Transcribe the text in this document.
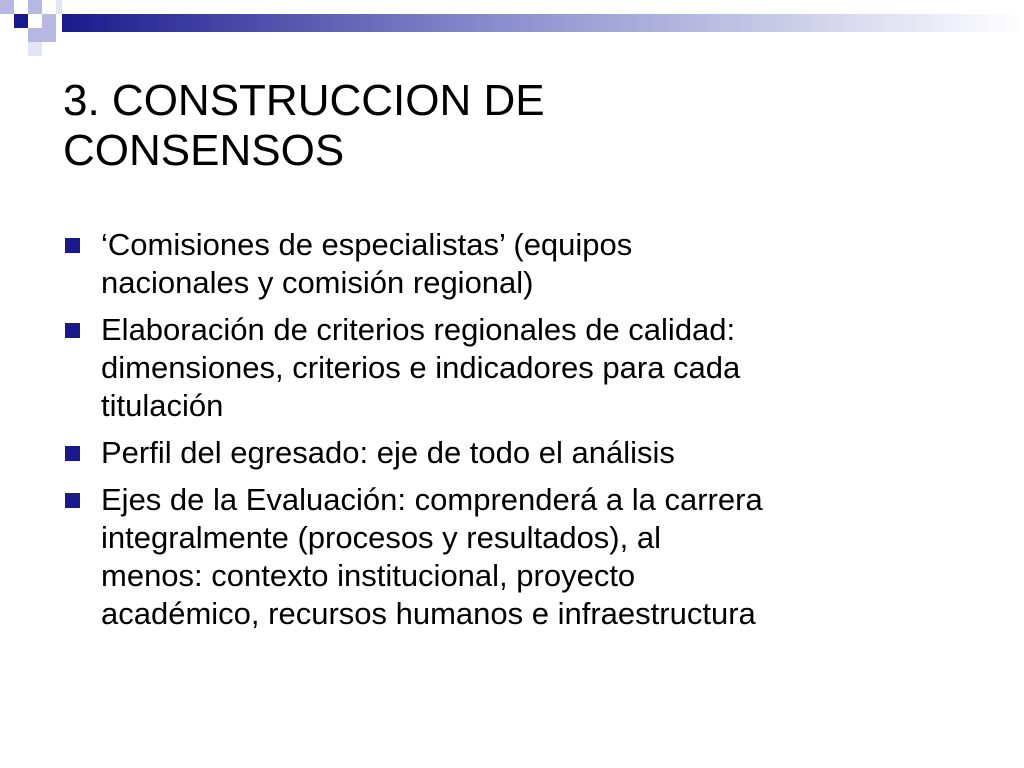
3. CONSTRUCCION DE
CONSENSOS
‘Comisiones de especialistas’ (equipos
nacionales y comisión regional)
Elaboración de criterios regionales de calidad:
dimensiones, criterios e indicadores para cada
titulación
Perfil del egresado: eje de todo el análisis
Ejes de la Evaluación: comprenderá a la carrera
integralmente (procesos y resultados), al
menos: contexto institucional, proyecto
académico, recursos humanos e infraestructura
